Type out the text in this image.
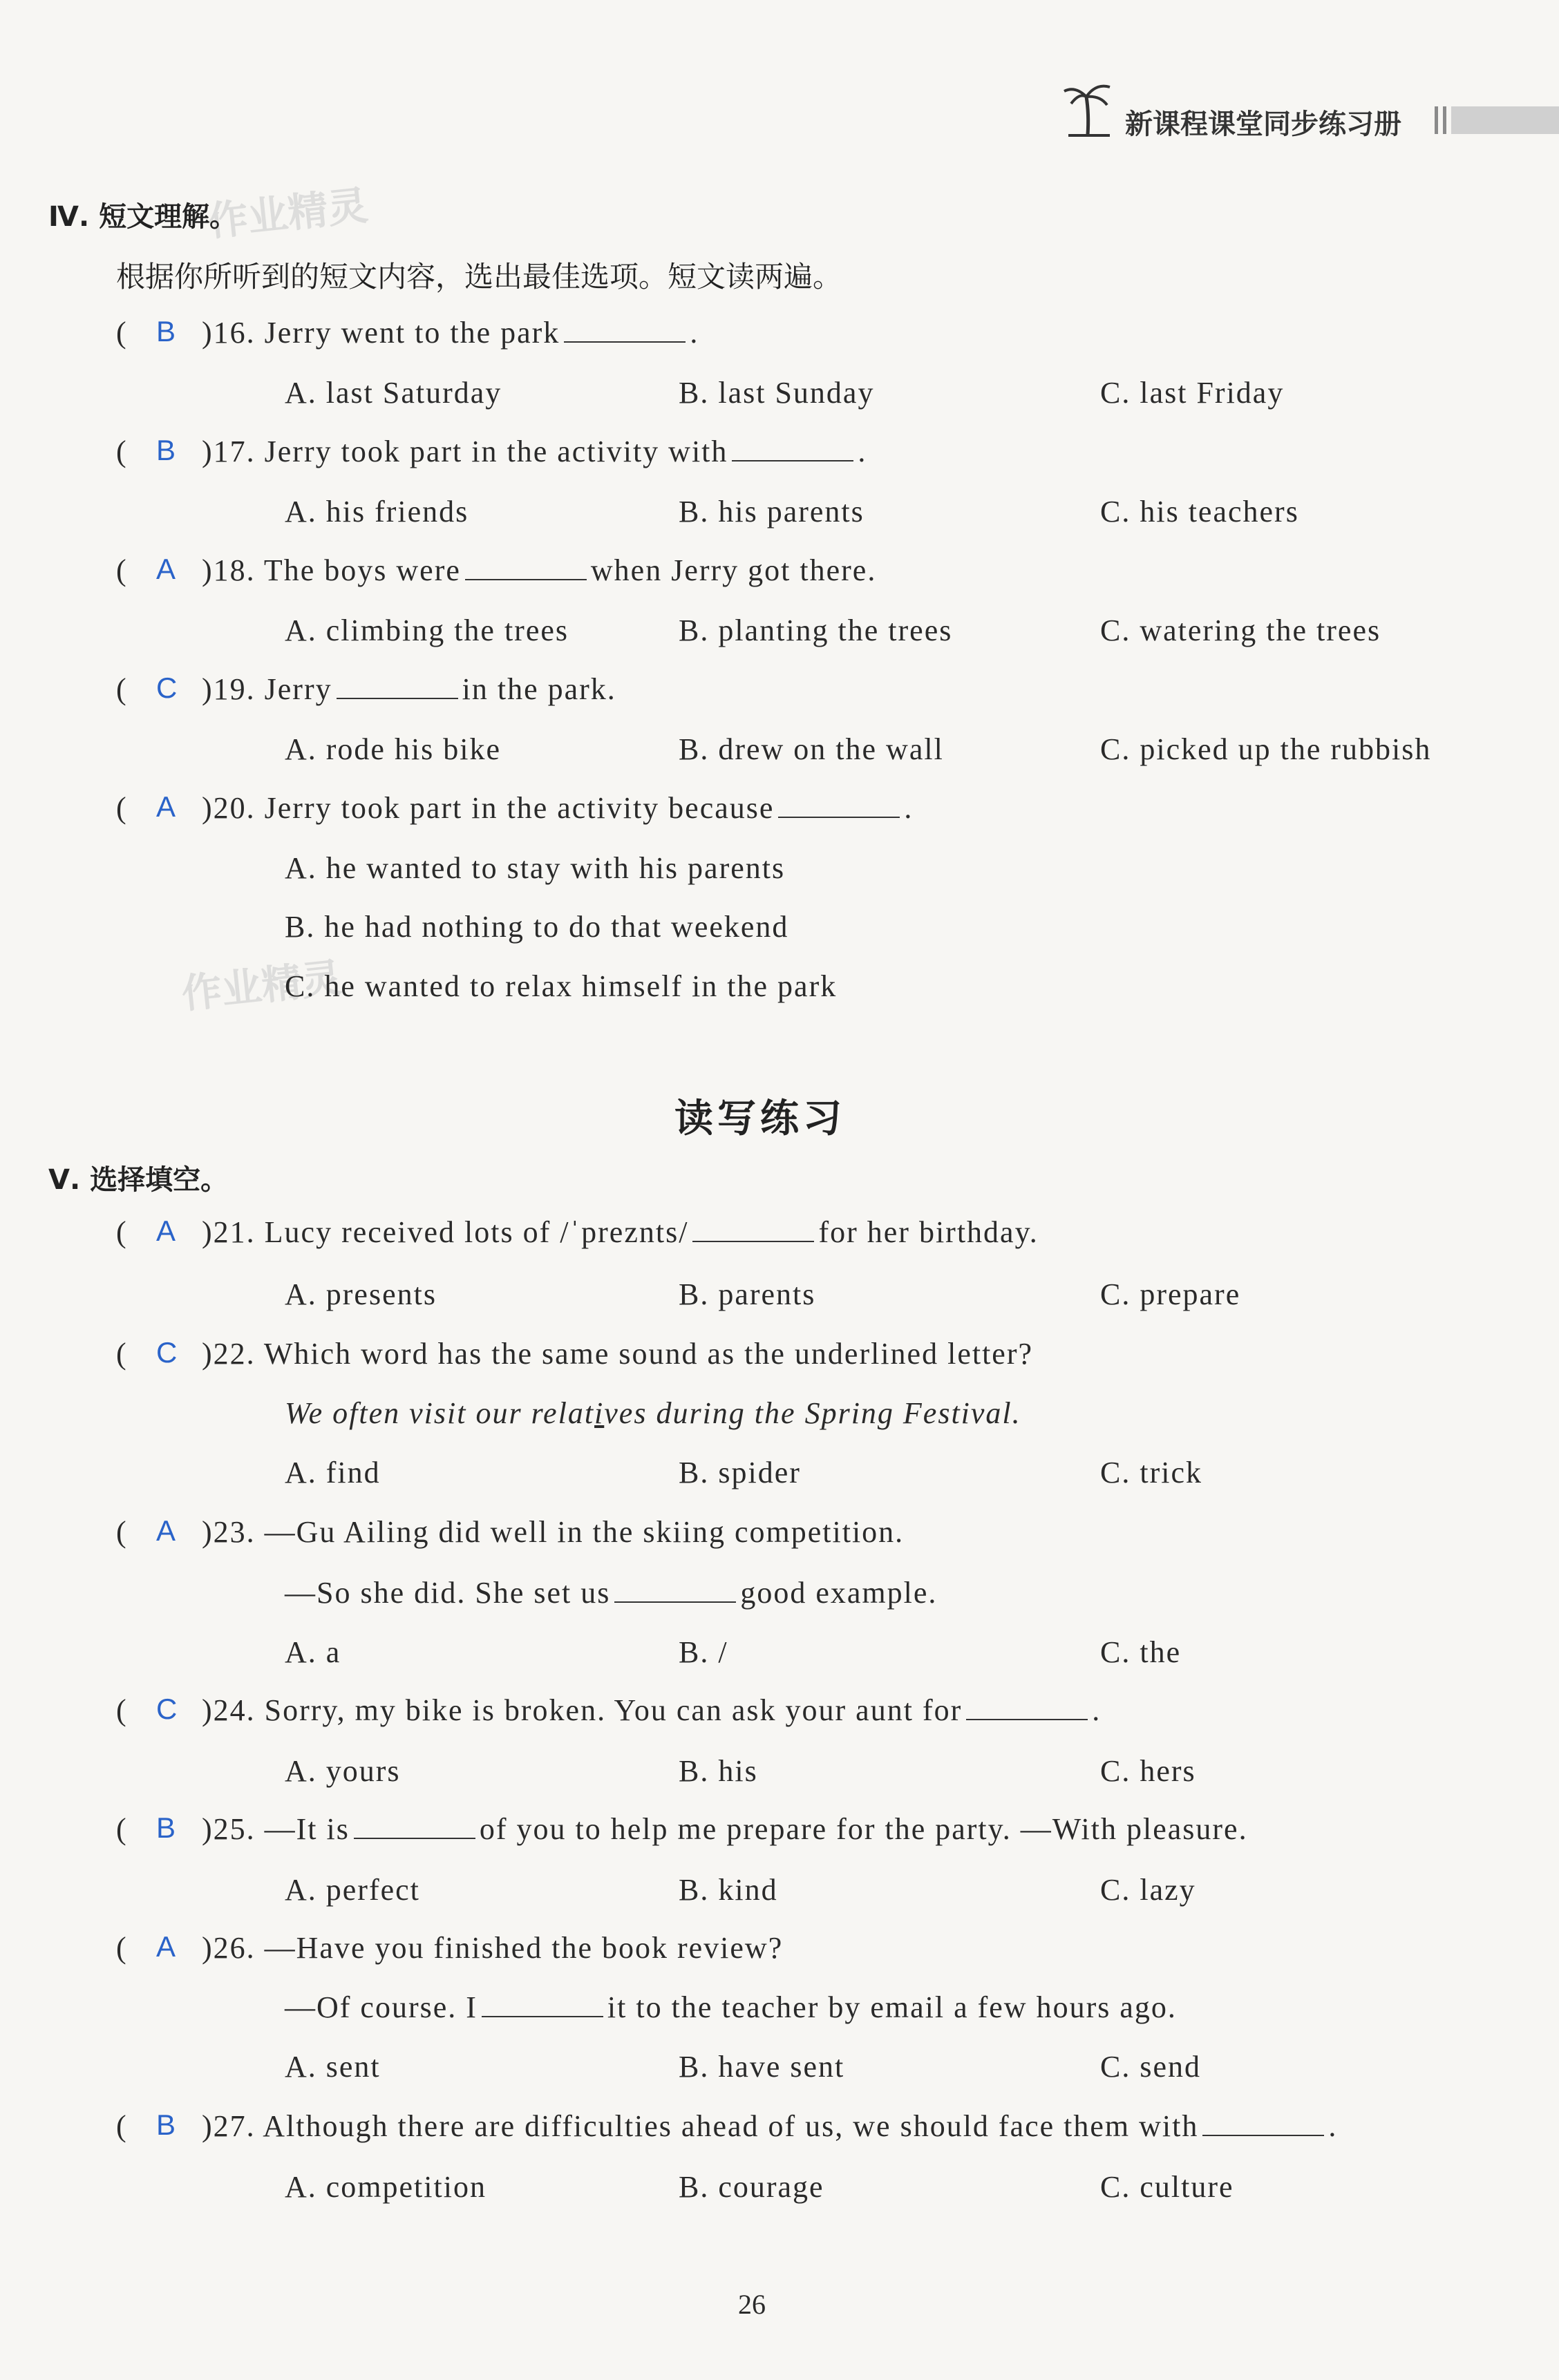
新课程课堂同步练习册
作业精灵
作业精灵
Ⅳ. 短文理解。
根据你所听到的短文内容，选出最佳选项。短文读两遍。
( B )16. Jerry went to the park	.
A. last Saturday	B. last Sunday	C. last Friday
( B )17. Jerry took part in the activity with	.
A. his friends	B. his parents	C. his teachers
( A )18. The boys were	when Jerry got there.
A. climbing the trees	B. planting the trees	C. watering the trees
( C )19. Jerry	in the park.
A. rode his bike	B. drew on the wall	C. picked up the rubbish
( A )20. Jerry took part in the activity because	.
A. he wanted to stay with his parents
B. he had nothing to do that weekend
C. he wanted to relax himself in the park
读写练习
Ⅴ. 选择填空。
( A )21. Lucy received lots of /ˈpreznts/	for her birthday.
A. presents	B. parents	C. prepare
( C )22. Which word has the same sound as the underlined letter?
We often visit our relatives during the Spring Festival.
A. find	B. spider	C. trick
( A )23. —Gu Ailing did well in the skiing competition.
—So she did. She set us	good example.
A. a	B. /	C. the
( C )24. Sorry, my bike is broken. You can ask your aunt for	.
A. yours	B. his	C. hers
( B )25. —It is	of you to help me prepare for the party. —With pleasure.
A. perfect	B. kind	C. lazy
( A )26. —Have you finished the book review?
—Of course. I	it to the teacher by email a few hours ago.
A. sent	B. have sent	C. send
( B )27. Although there are difficulties ahead of us, we should face them with	.
A. competition	B. courage	C. culture
26
